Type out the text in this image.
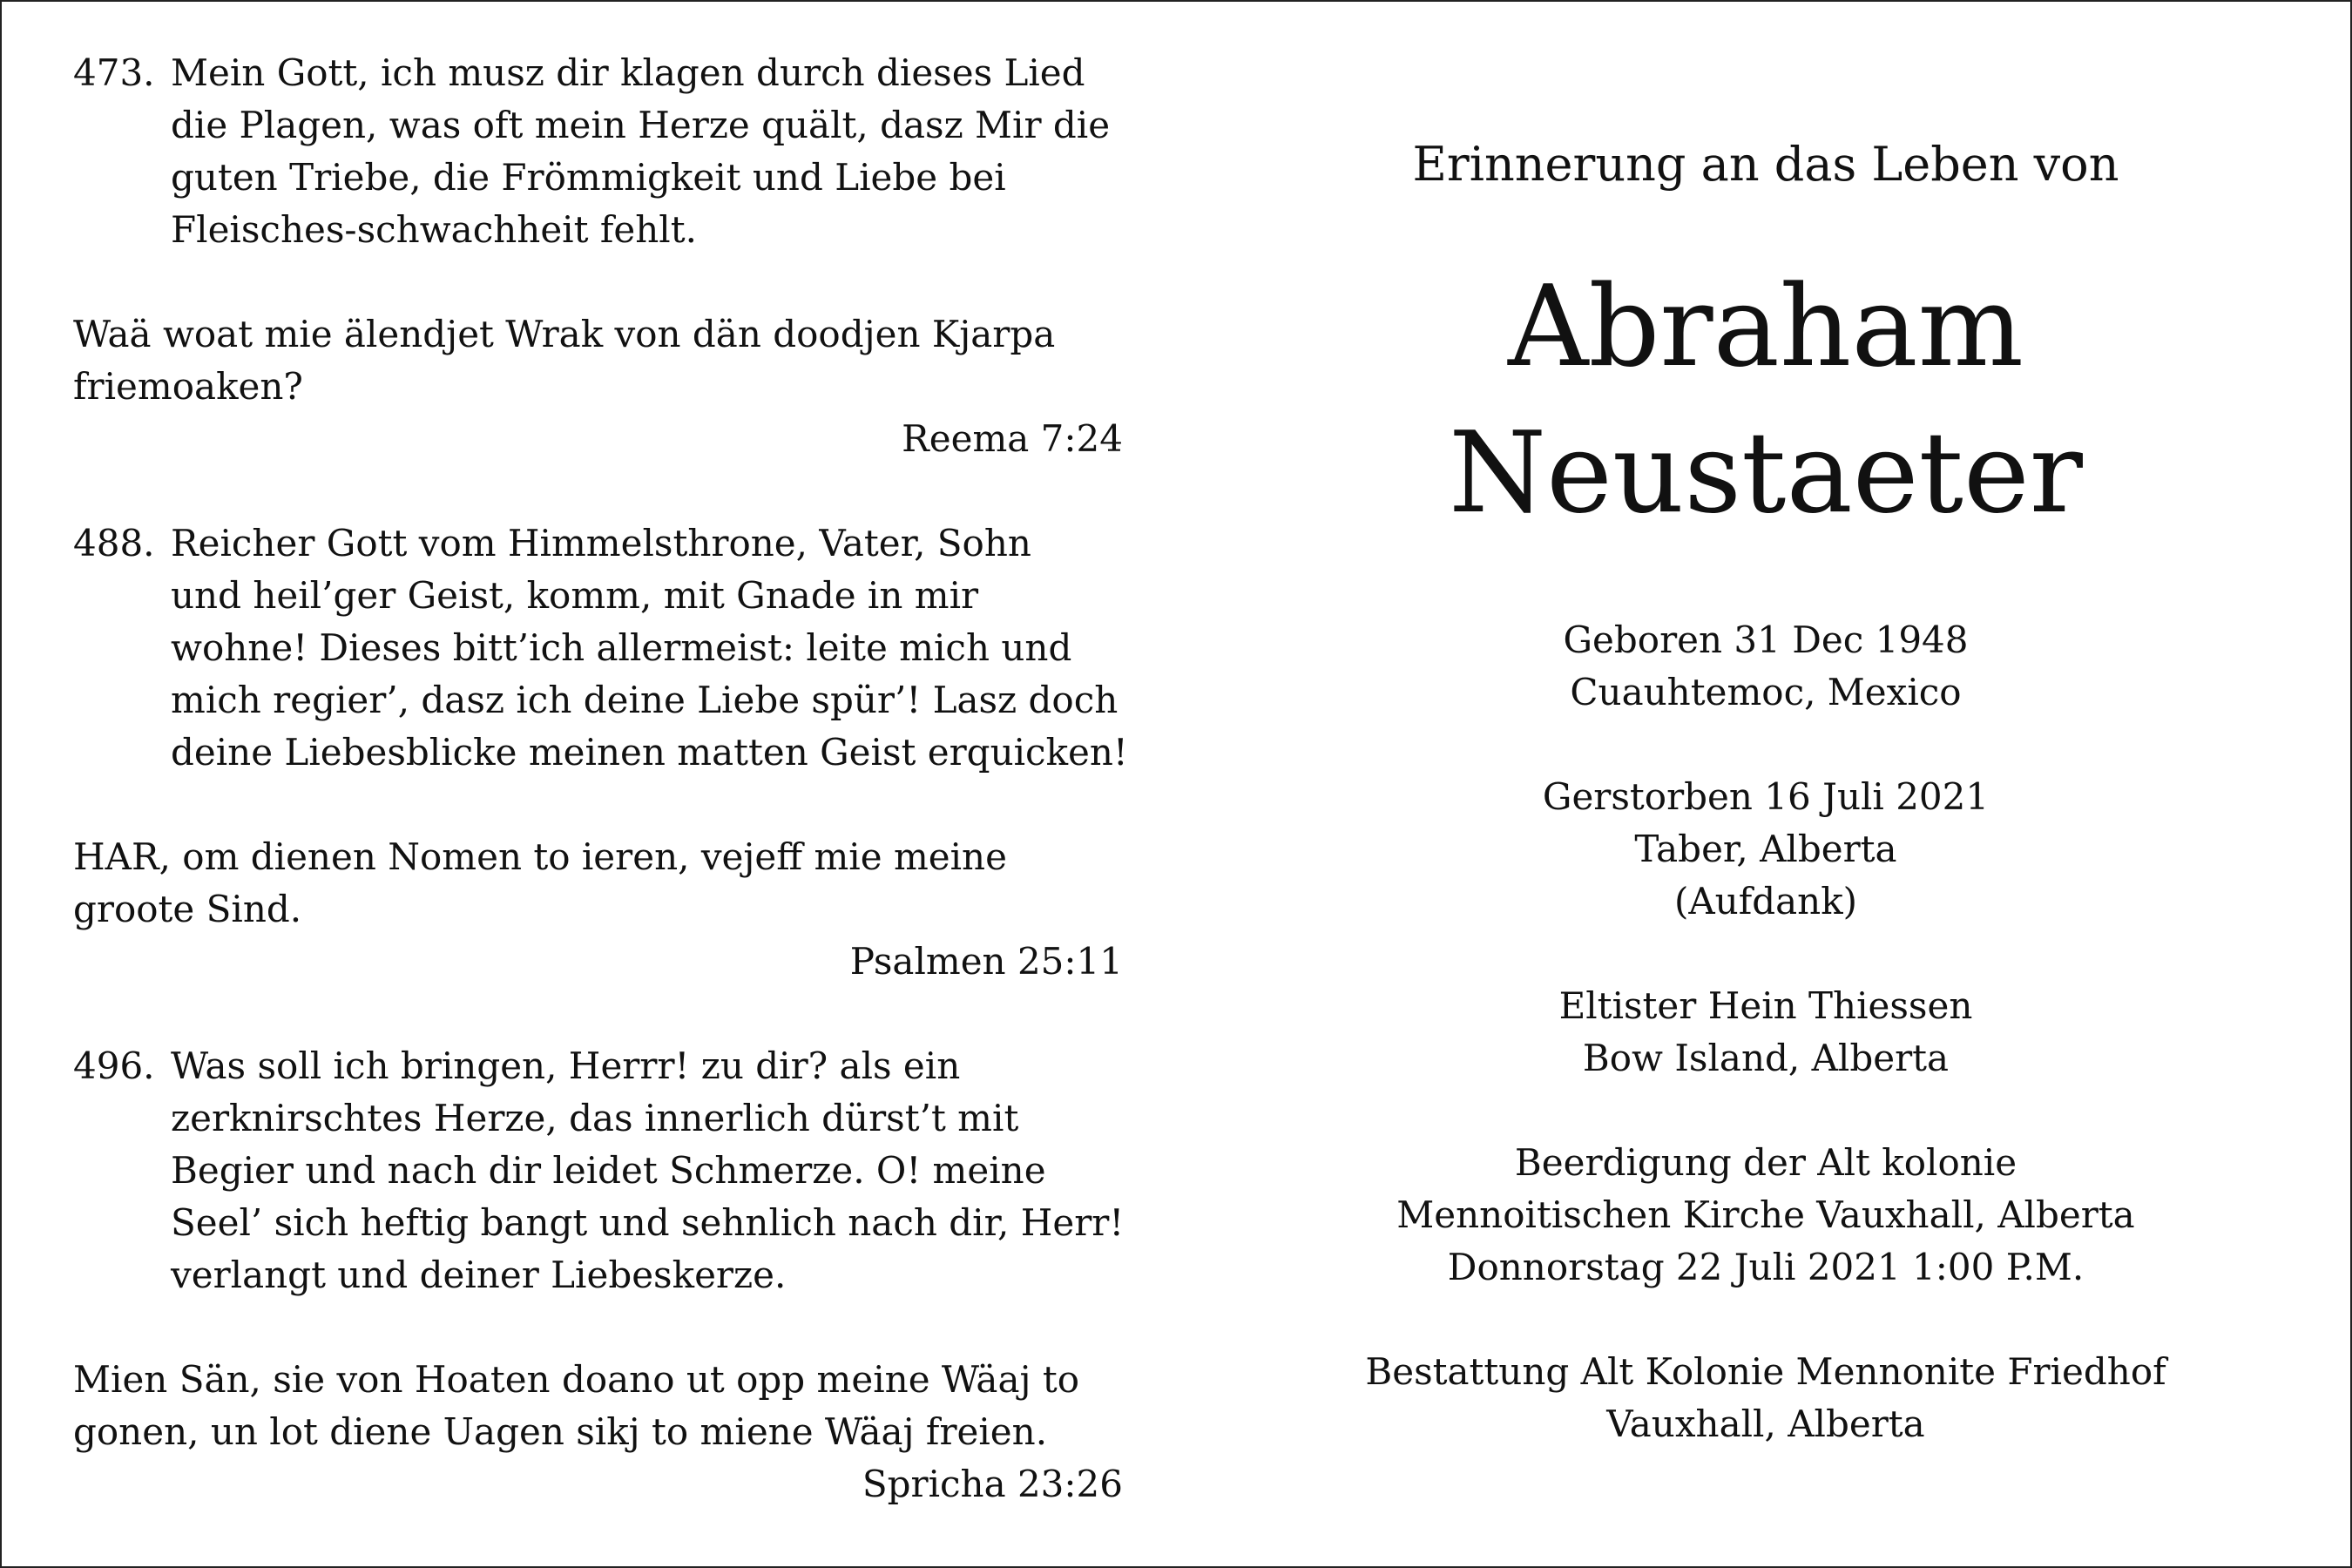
473. Mein Gott, ich musz dir klagen durch dieses Lied
die Plagen, was oft mein Herze quält, dasz Mir die
guten Triebe, die Frömmigkeit und Liebe bei
Fleisches-schwachheit fehlt.
Waä woat mie älendjet Wrak von dän doodjen Kjarpa
friemoaken?
Reema 7:24
488. Reicher Gott vom Himmelsthrone, Vater, Sohn
und heil’ger Geist, komm, mit Gnade in mir
wohne! Dieses bitt’ich allermeist: leite mich und
mich regier’, dasz ich deine Liebe spür’! Lasz doch
deine Liebesblicke meinen matten Geist erquicken!
HAR, om dienen Nomen to ieren, vejeff mie meine
groote Sind.
Psalmen 25:11
496. Was soll ich bringen, Herrr! zu dir? als ein
zerknirschtes Herze, das innerlich dürst’t mit
Begier und nach dir leidet Schmerze. O! meine
Seel’ sich heftig bangt und sehnlich nach dir, Herr!
verlangt und deiner Liebeskerze.
Mien Sän, sie von Hoaten doano ut opp meine Wäaj to
gonen, un lot diene Uagen sikj to miene Wäaj freien.
Spricha 23:26
Erinnerung an das Leben von
Abraham
Neustaeter
Geboren 31 Dec 1948
Cuauhtemoc, Mexico
Gerstorben 16 Juli 2021
Taber, Alberta
(Aufdank)
Eltister Hein Thiessen
Bow Island, Alberta
Beerdigung der Alt kolonie
Mennoitischen Kirche Vauxhall, Alberta
Donnorstag 22 Juli 2021 1:00 P.M.
Bestattung Alt Kolonie Mennonite Friedhof
Vauxhall, Alberta
